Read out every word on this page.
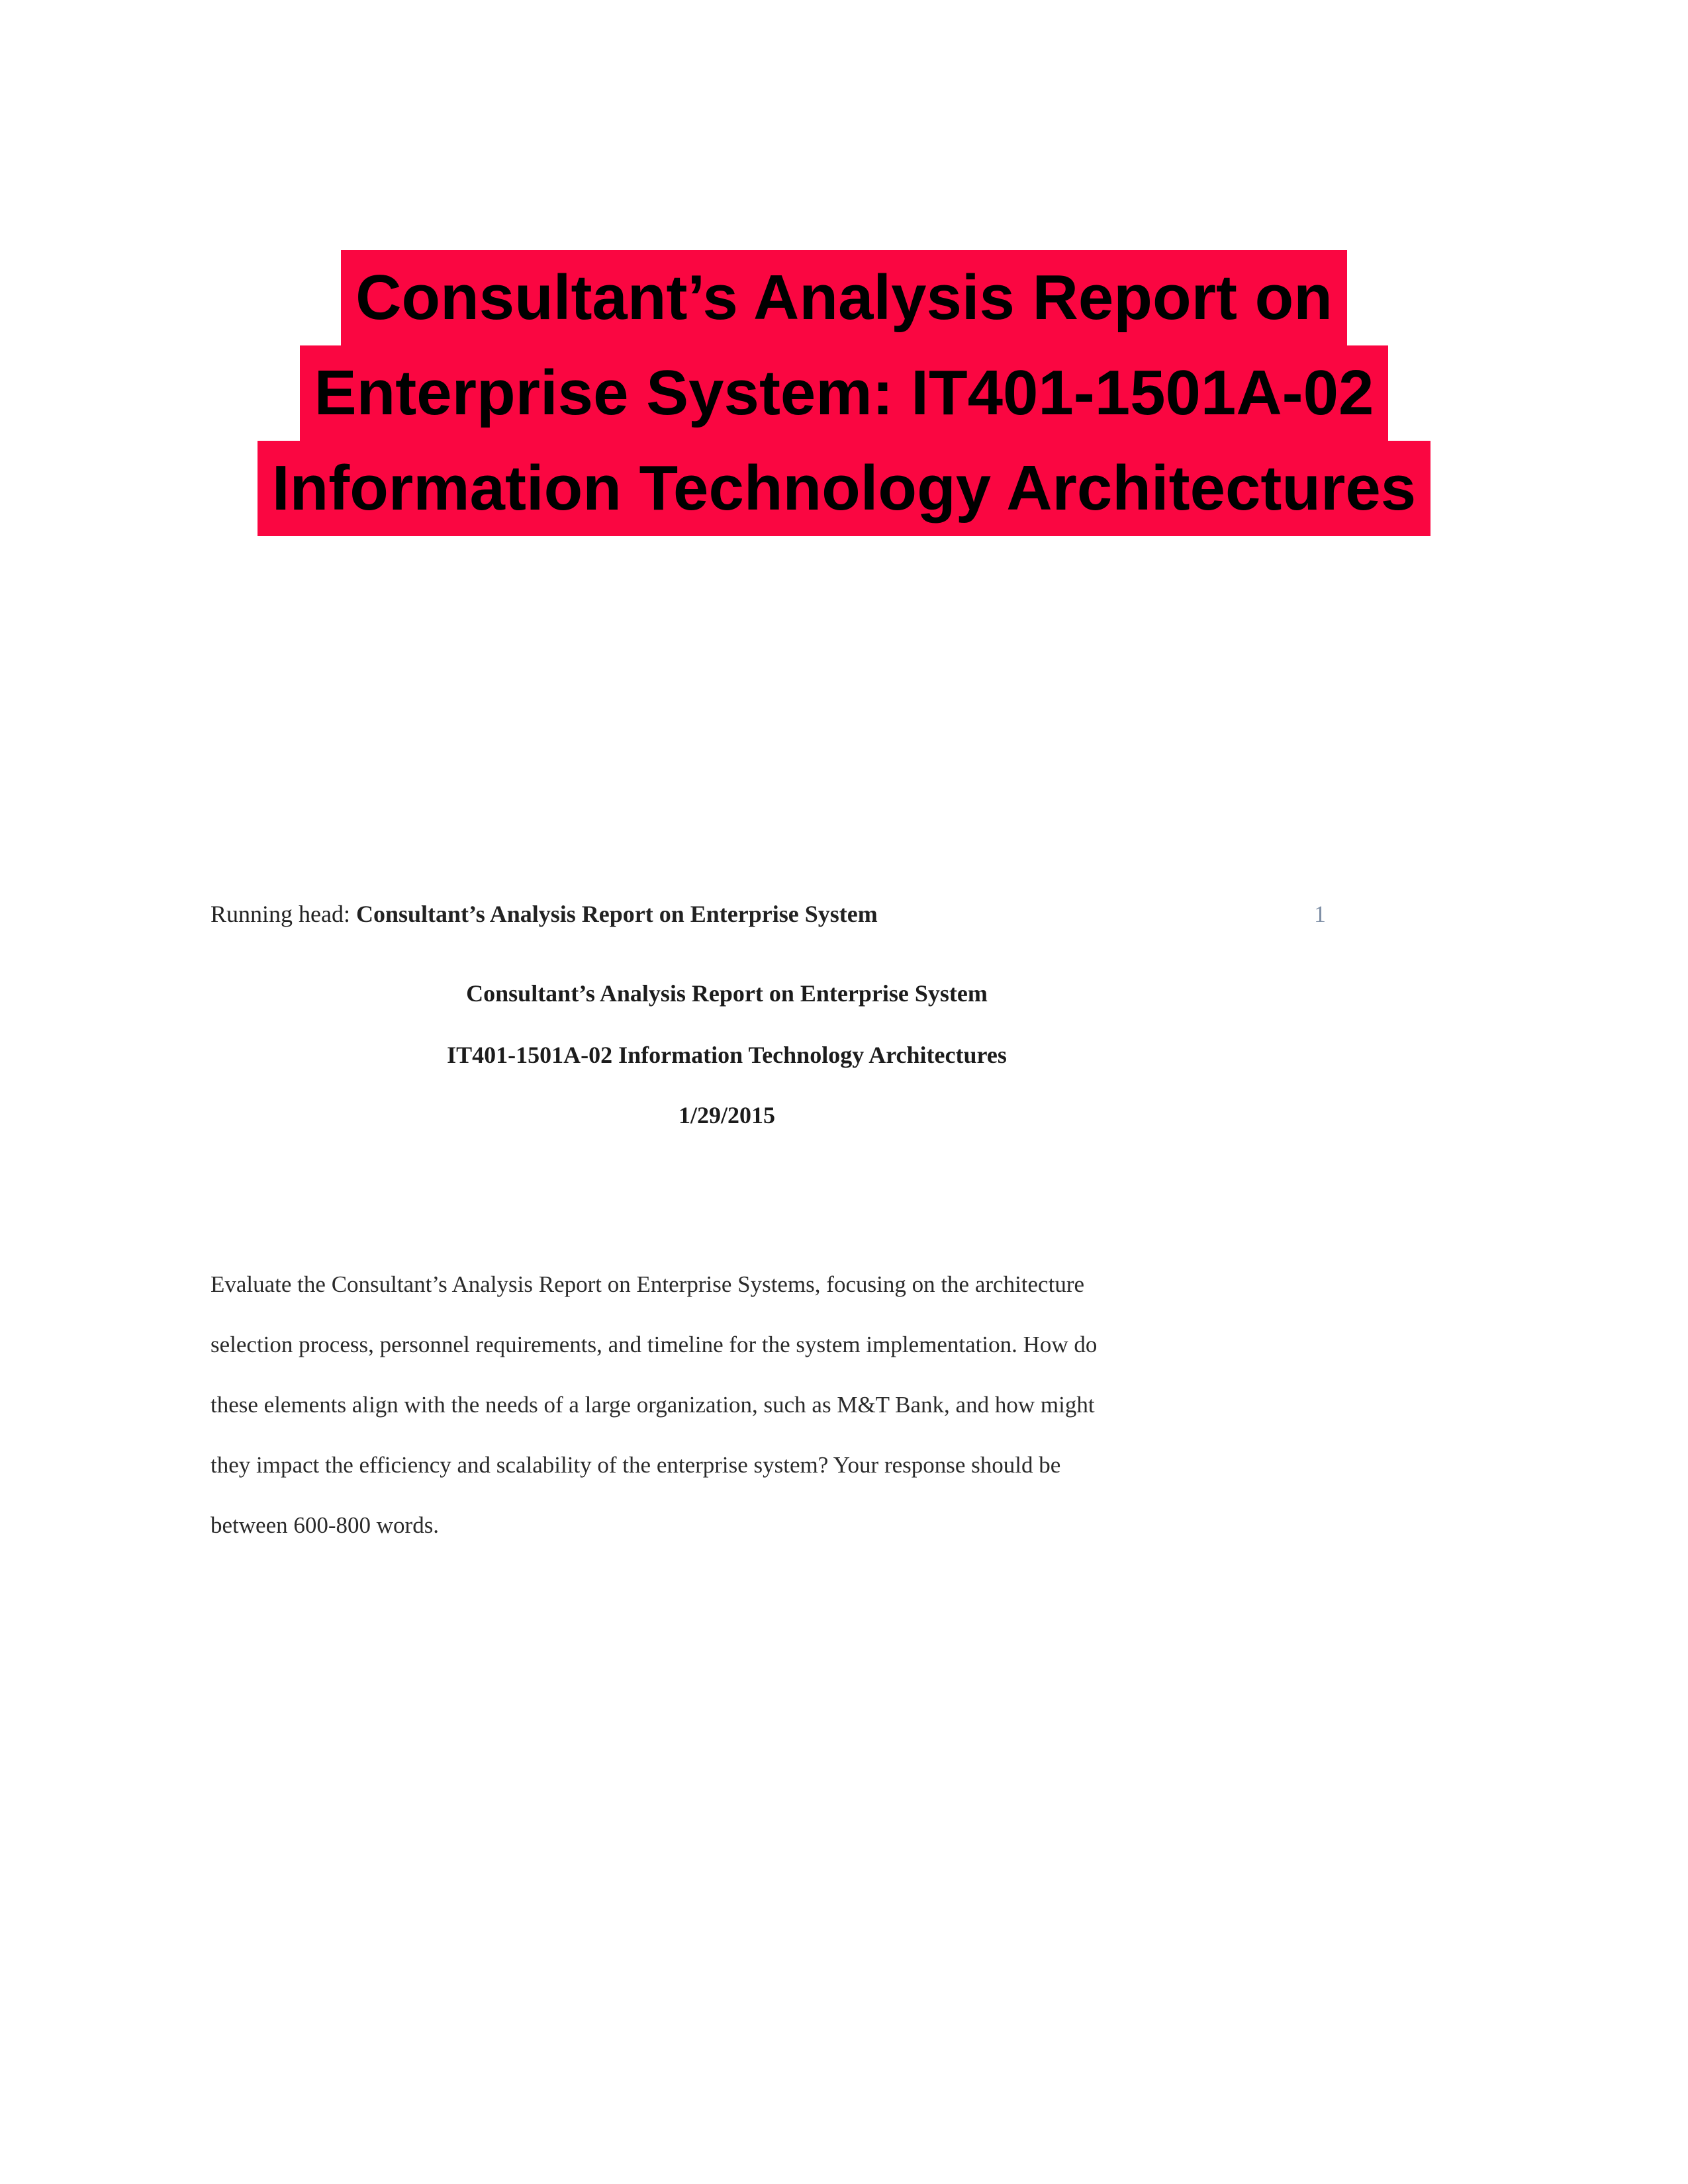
Consultant’s Analysis Report on
Enterprise System: IT401-1501A-02
Information Technology Architectures
Running head: Consultant’s Analysis Report on Enterprise System	1
Consultant’s Analysis Report on Enterprise System
IT401-1501A-02 Information Technology Architectures
1/29/2015
Evaluate the Consultant’s Analysis Report on Enterprise Systems, focusing on the architecture
selection process, personnel requirements, and timeline for the system implementation. How do
these elements align with the needs of a large organization, such as M&T Bank, and how might
they impact the efficiency and scalability of the enterprise system? Your response should be
between 600-800 words.
